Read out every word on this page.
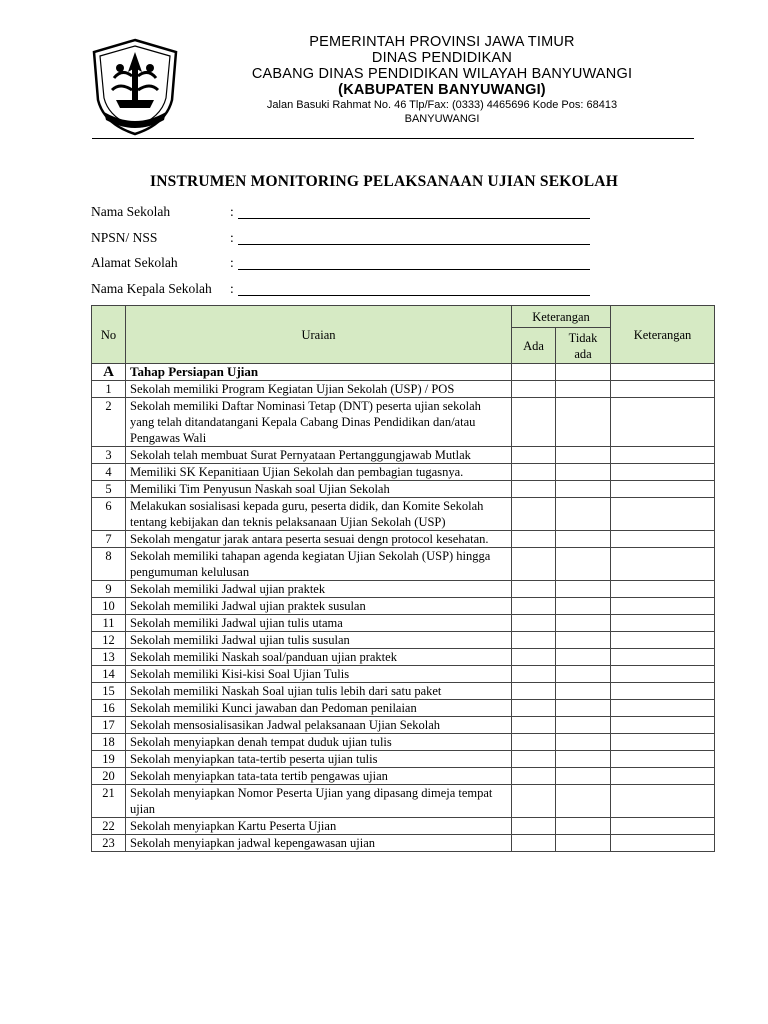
PEMERINTAH PROVINSI JAWA TIMUR
DINAS PENDIDIKAN
CABANG DINAS PENDIDIKAN WILAYAH BANYUWANGI
(KABUPATEN BANYUWANGI)
Jalan Basuki Rahmat No. 46 Tlp/Fax: (0333) 4465696 Kode Pos: 68413
BANYUWANGI
INSTRUMEN MONITORING PELAKSANAAN UJIAN SEKOLAH
Nama Sekolah	:
NPSN/ NSS	:
Alamat Sekolah	:
Nama Kepala Sekolah	:
No	Uraian	Keterangan		Keterangan
		Ada	Tidak ada	
A	Tahap Persiapan Ujian			
1	Sekolah memiliki Program Kegiatan Ujian Sekolah (USP) / POS			
2	Sekolah memiliki Daftar Nominasi Tetap (DNT) peserta ujian sekolah yang telah ditandatangani Kepala Cabang Dinas Pendidikan dan/atau Pengawas Wali			
3	Sekolah telah membuat Surat Pernyataan Pertanggungjawab Mutlak			
4	Memiliki SK Kepanitiaan Ujian Sekolah dan pembagian tugasnya.			
5	Memiliki Tim Penyusun Naskah soal Ujian Sekolah			
6	Melakukan sosialisasi kepada guru, peserta didik, dan Komite Sekolah tentang kebijakan dan teknis pelaksanaan Ujian Sekolah (USP)			
7	Sekolah mengatur jarak antara peserta sesuai dengn protocol kesehatan.			
8	Sekolah memiliki tahapan agenda kegiatan Ujian Sekolah (USP) hingga pengumuman kelulusan			
9	Sekolah memiliki Jadwal ujian praktek			
10	Sekolah memiliki Jadwal ujian praktek susulan			
11	Sekolah memiliki Jadwal ujian tulis utama			
12	Sekolah memiliki Jadwal ujian tulis susulan			
13	Sekolah memiliki Naskah soal/panduan ujian praktek			
14	Sekolah memiliki Kisi-kisi Soal Ujian Tulis			
15	Sekolah memiliki Naskah Soal ujian tulis lebih dari satu paket			
16	Sekolah memiliki Kunci jawaban dan Pedoman penilaian			
17	Sekolah mensosialisasikan Jadwal pelaksanaan Ujian Sekolah			
18	Sekolah menyiapkan denah tempat duduk ujian tulis			
19	Sekolah menyiapkan tata-tertib peserta ujian tulis			
20	Sekolah menyiapkan tata-tata tertib pengawas ujian			
21	Sekolah menyiapkan Nomor Peserta Ujian yang dipasang dimeja tempat ujian			
22	Sekolah menyiapkan Kartu Peserta Ujian			
23	Sekolah menyiapkan jadwal kepengawasan ujian			
